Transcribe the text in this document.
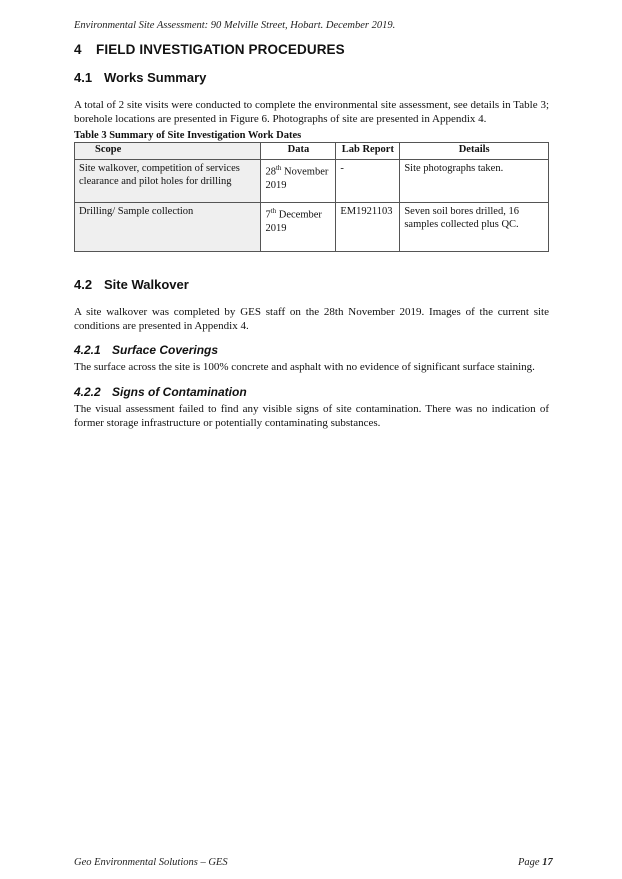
Environmental Site Assessment: 90 Melville Street, Hobart. December 2019.
4 FIELD INVESTIGATION PROCEDURES
4.1 Works Summary
A total of 2 site visits were conducted to complete the environmental site assessment, see details in Table 3; borehole locations are presented in Figure 6. Photographs of site are presented in Appendix 4.
Table 3 Summary of Site Investigation Work Dates
Scope	Data	Lab Report	Details
Site walkover, competition of services clearance and pilot holes for drilling	28th November 2019	-	Site photographs taken.
Drilling/ Sample collection	7th December 2019	EM1921103	Seven soil bores drilled, 16 samples collected plus QC.
4.2 Site Walkover
A site walkover was completed by GES staff on the 28th November 2019. Images of the current site conditions are presented in Appendix 4.
4.2.1 Surface Coverings
The surface across the site is 100% concrete and asphalt with no evidence of significant surface staining.
4.2.2 Signs of Contamination
The visual assessment failed to find any visible signs of site contamination. There was no indication of former storage infrastructure or potentially contaminating substances.
Geo Environmental Solutions – GES	Page 17
